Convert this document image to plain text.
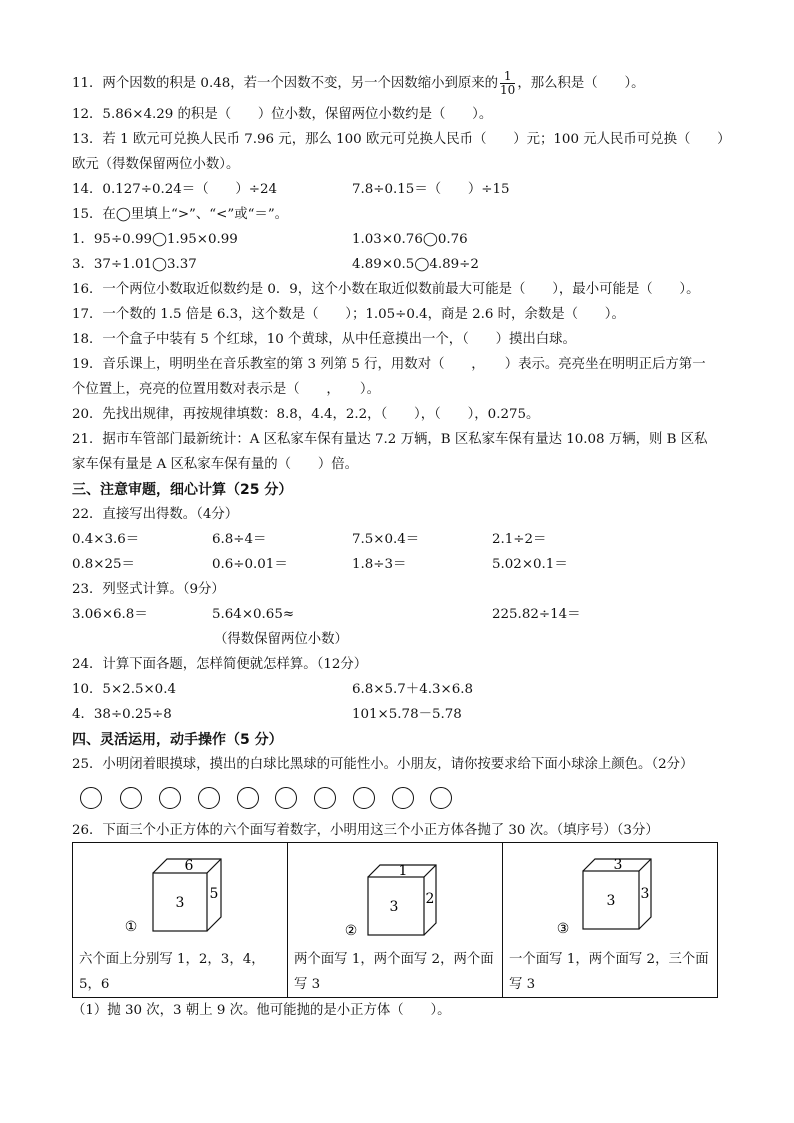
11．两个因数的积是 0.48，若一个因数不变，另一个因数缩小到原来的 $\frac{1}{10}$ ，那么积是（　　）。
12．5.86×4.29 的积是（　　）位小数，保留两位小数约是（　　）。
13．若 1 欧元可兑换人民币 7.96 元，那么 100 欧元可兑换人民币（　　）元；100 元人民币可兑换（　　）
欧元（得数保留两位小数）。
14．0.127÷0.24＝（　　）÷24	7.8÷0.15＝（　　）÷15
15．在◯里填上“>”、“<”或“＝”。
1．95÷0.99◯1.95×0.99	1.03×0.76◯0.76
3．37÷1.01◯3.37	4.89×0.5◯4.89÷2
16．一个两位小数取近似数约是 0．9，这个小数在取近似数前最大可能是（　　），最小可能是（　　）。
17．一个数的 1.5 倍是 6.3，这个数是（　　）；1.05÷0.4，商是 2.6 时，余数是（　　）。
18．一个盒子中装有 5 个红球，10 个黄球，从中任意摸出一个，（　　）摸出白球。
19．音乐课上，明明坐在音乐教室的第 3 列第 5 行，用数对（　　，　　）表示。亮亮坐在明明正后方第一
个位置上，亮亮的位置用数对表示是（　　，　　）。
20．先找出规律，再按规律填数：8.8，4.4，2.2，（　　），（　　），0.275。
21．据市车管部门最新统计：A 区私家车保有量达 7.2 万辆，B 区私家车保有量达 10.08 万辆，则 B 区私
家车保有量是 A 区私家车保有量的（　　）倍。
三、注意审题，细心计算（25 分）
22．直接写出得数。（4分）
0.4×3.6＝	6.8÷4＝	7.5×0.4＝	2.1÷2＝
0.8×25＝	0.6÷0.01＝	1.8÷3＝	5.02×0.1＝
23．列竖式计算。（9分）
3.06×6.8＝	5.64×0.65≈	225.82÷14＝
（得数保留两位小数）
24．计算下面各题，怎样简便就怎样算。（12分）
10．5×2.5×0.4	6.8×5.7＋4.3×6.8
4．38÷0.25÷8	101×5.78－5.78
四、灵活运用，动手操作（5 分）
25．小明闭着眼摸球，摸出的白球比黑球的可能性小。小朋友，请你按要求给下面小球涂上颜色。（2分）
26．下面三个小正方体的六个面写着数字，小明用这三个小正方体各抛了 30 次。（填序号）（3分）
3
6
5
①
六个面上分别写 1，2，3，4，5，6

3
1
2
②
两个面写 1，两个面写 2，两个面写 3

3
3
3
③
一个面写 1，两个面写 2，三个面写 3
（1）抛 30 次，3 朝上 9 次。他可能抛的是小正方体（　　）。
